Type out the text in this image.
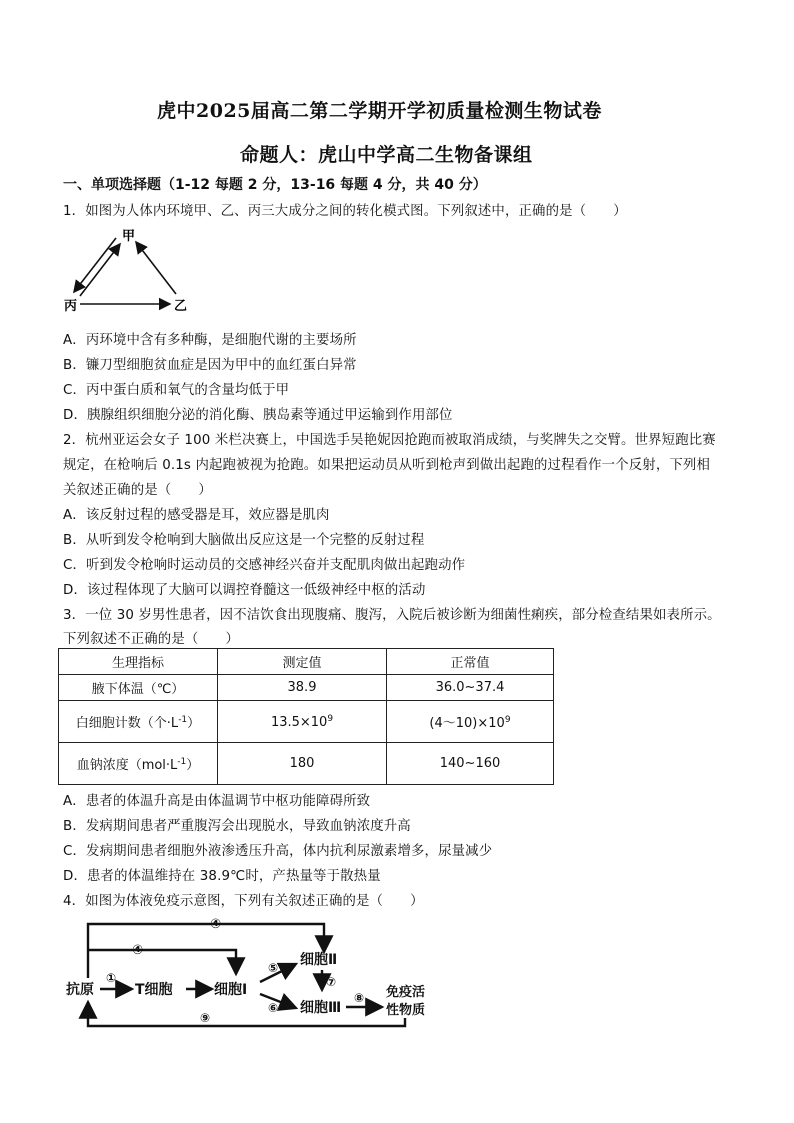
虎中2025届高二第二学期开学初质量检测生物试卷
命题人：虎山中学高二生物备课组
一、单项选择题（1-12 每题 2 分，13-16 每题 4 分，共 40 分）
1．如图为人体内环境甲、乙、丙三大成分之间的转化模式图。下列叙述中，正确的是（　　）
甲
丙	乙
A．丙环境中含有多种酶，是细胞代谢的主要场所
B．镰刀型细胞贫血症是因为甲中的血红蛋白异常
C．丙中蛋白质和氧气的含量均低于甲
D．胰腺组织细胞分泌的消化酶、胰岛素等通过甲运输到作用部位
2．杭州亚运会女子 100 米栏决赛上，中国选手吴艳妮因抢跑而被取消成绩，与奖牌失之交臂。世界短跑比赛
规定，在枪响后 0.1s 内起跑被视为抢跑。如果把运动员从听到枪声到做出起跑的过程看作一个反射，下列相
关叙述正确的是（　　）
A．该反射过程的感受器是耳，效应器是肌肉
B．从听到发令枪响到大脑做出反应这是一个完整的反射过程
C．听到发令枪响时运动员的交感神经兴奋并支配肌肉做出起跑动作
D．该过程体现了大脑可以调控脊髓这一低级神经中枢的活动
3．一位 30 岁男性患者，因不洁饮食出现腹痛、腹泻，入院后被诊断为细菌性痢疾，部分检查结果如表所示。
下列叙述不正确的是（　　）
生理指标	测定值	正常值
腋下体温（℃）	38.9	36.0~37.4
白细胞计数（个$\cdot L^{-1}$）	$13.5\times 10^9$	$(4\sim 10)\times 10^9$
血钠浓度$(mol\cdot L^{-1})$	180	140~160
A．患者的体温升高是由体温调节中枢功能障碍所致
B．发病期间患者严重腹泻会出现脱水，导致血钠浓度升高
C．发病期间患者细胞外液渗透压升高，体内抗利尿激素增多，尿量减少
D．患者的体温维持在 38.9℃时，产热量等于散热量
4．如图为体液免疫示意图，下列有关叙述正确的是（　　）
④
④
抗原
①
T细胞	细胞Ⅰ
⑤ 细胞Ⅱ
⑦
⑥ 细胞Ⅲ
⑧ 免疫活
性物质
⑨
